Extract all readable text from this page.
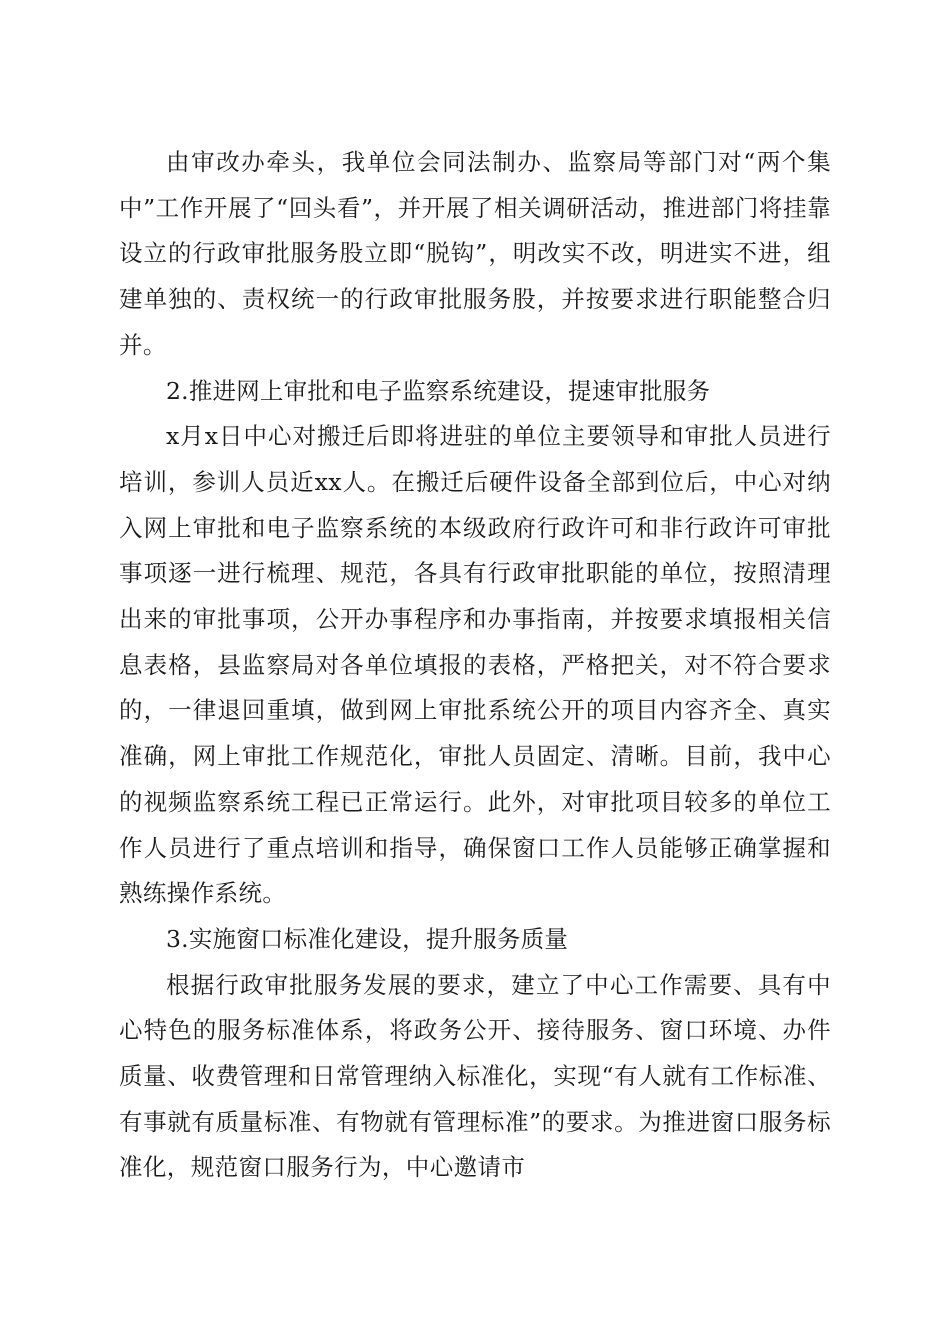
由审改办牵头，我单位会同法制办、监察局等部门对“两个集中”工作开展了“回头看”，并开展了相关调研活动，推进部门将挂靠设立的行政审批服务股立即“脱钩”，明改实不改，明进实不进，组建单独的、责权统一的行政审批服务股，并按要求进行职能整合归并。

2.推进网上审批和电子监察系统建设，提速审批服务

x月x日中心对搬迁后即将进驻的单位主要领导和审批人员进行培训，参训人员近xx人。在搬迁后硬件设备全部到位后，中心对纳入网上审批和电子监察系统的本级政府行政许可和非行政许可审批事项逐一进行梳理、规范，各具有行政审批职能的单位，按照清理出来的审批事项，公开办事程序和办事指南，并按要求填报相关信息表格，县监察局对各单位填报的表格，严格把关，对不符合要求的，一律退回重填，做到网上审批系统公开的项目内容齐全、真实准确，网上审批工作规范化，审批人员固定、清晰。目前，我中心的视频监察系统工程已正常运行。此外，对审批项目较多的单位工作人员进行了重点培训和指导，确保窗口工作人员能够正确掌握和熟练操作系统。

3.实施窗口标准化建设，提升服务质量

根据行政审批服务发展的要求，建立了中心工作需要、具有中心特色的服务标准体系，将政务公开、接待服务、窗口环境、办件质量、收费管理和日常管理纳入标准化，实现“有人就有工作标准、有事就有质量标准、有物就有管理标准”的要求。为推进窗口服务标准化，规范窗口服务行为，中心邀请市
